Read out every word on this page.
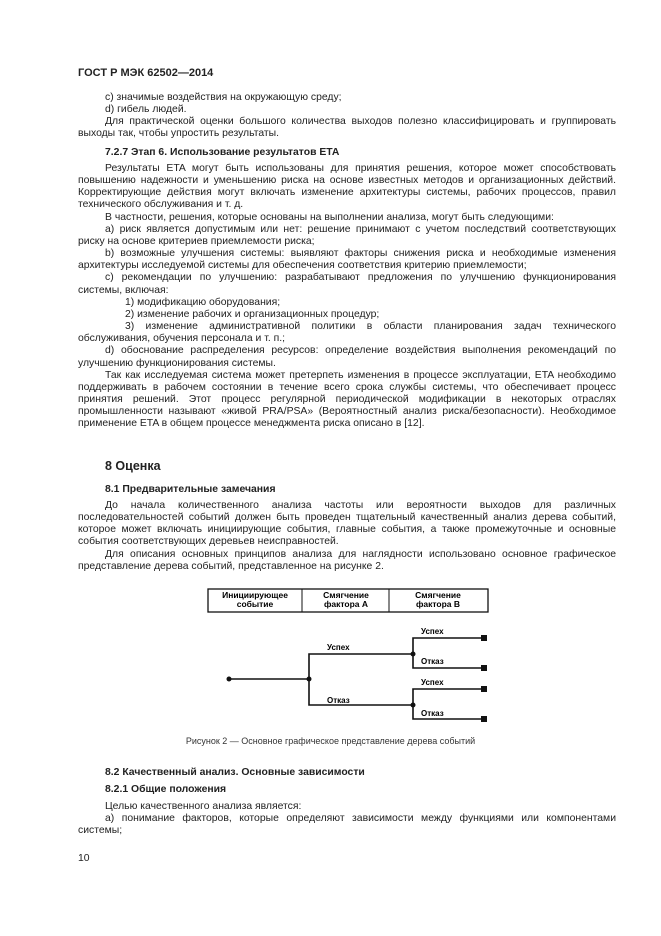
ГОСТ Р МЭК 62502—2014

c) значимые воздействия на окружающую среду;

d) гибель людей.

Для практической оценки большого количества выходов полезно классифицировать и группировать выходы так, чтобы упростить результаты.

7.2.7 Этап 6. Использование результатов ETA

Результаты ETA могут быть использованы для принятия решения, которое может способствовать повышению надежности и уменьшению риска на основе известных методов и организационных действий. Корректирующие действия могут включать изменение архитектуры системы, рабочих процессов, правил технического обслуживания и т. д.

В частности, решения, которые основаны на выполнении анализа, могут быть следующими:

a) риск является допустимым или нет: решение принимают с учетом последствий соответствующих риску на основе критериев приемлемости риска;

b) возможные улучшения системы: выявляют факторы снижения риска и необходимые изменения архитектуры исследуемой системы для обеспечения соответствия критерию приемлемости;

c) рекомендации по улучшению: разрабатывают предложения по улучшению функционирования системы, включая:

1) модификацию оборудования;

2) изменение рабочих и организационных процедур;

3) изменение административной политики в области планирования задач технического обслуживания, обучения персонала и т. п.;

d) обоснование распределения ресурсов: определение воздействия выполнения рекомендаций по улучшению функционирования системы.

Так как исследуемая система может претерпеть изменения в процессе эксплуатации, ETA необходимо поддерживать в рабочем состоянии в течение всего срока службы системы, что обеспечивает процесс принятия решений. Этот процесс регулярной периодической модификации в некоторых отраслях промышленности называют «живой PRA/PSA» (Вероятностный анализ риска/безопасности). Необходимое применение ETA в общем процессе менеджмента риска описано в [12].

8 Оценка

8.1 Предварительные замечания

До начала количественного анализа частоты или вероятности выходов для различных последовательностей событий должен быть проведен тщательный качественный анализ дерева событий, которое может включать инициирующие события, главные события, а также промежуточные и основные события соответствующих деревьев неисправностей.

Для описания основных принципов анализа для наглядности использовано основное графическое представление дерева событий, представленное на рисунке 2.

Инициирующее событие
Смягчение фактора A
Смягчение фактора B
Успех
Отказ
Успех
Отказ
Успех
Отказ
Рисунок 2 — Основное графическое представление дерева событий

8.2 Качественный анализ. Основные зависимости

8.2.1 Общие положения

Целью качественного анализа является:

a) понимание факторов, которые определяют зависимости между функциями или компонентами системы;

10
